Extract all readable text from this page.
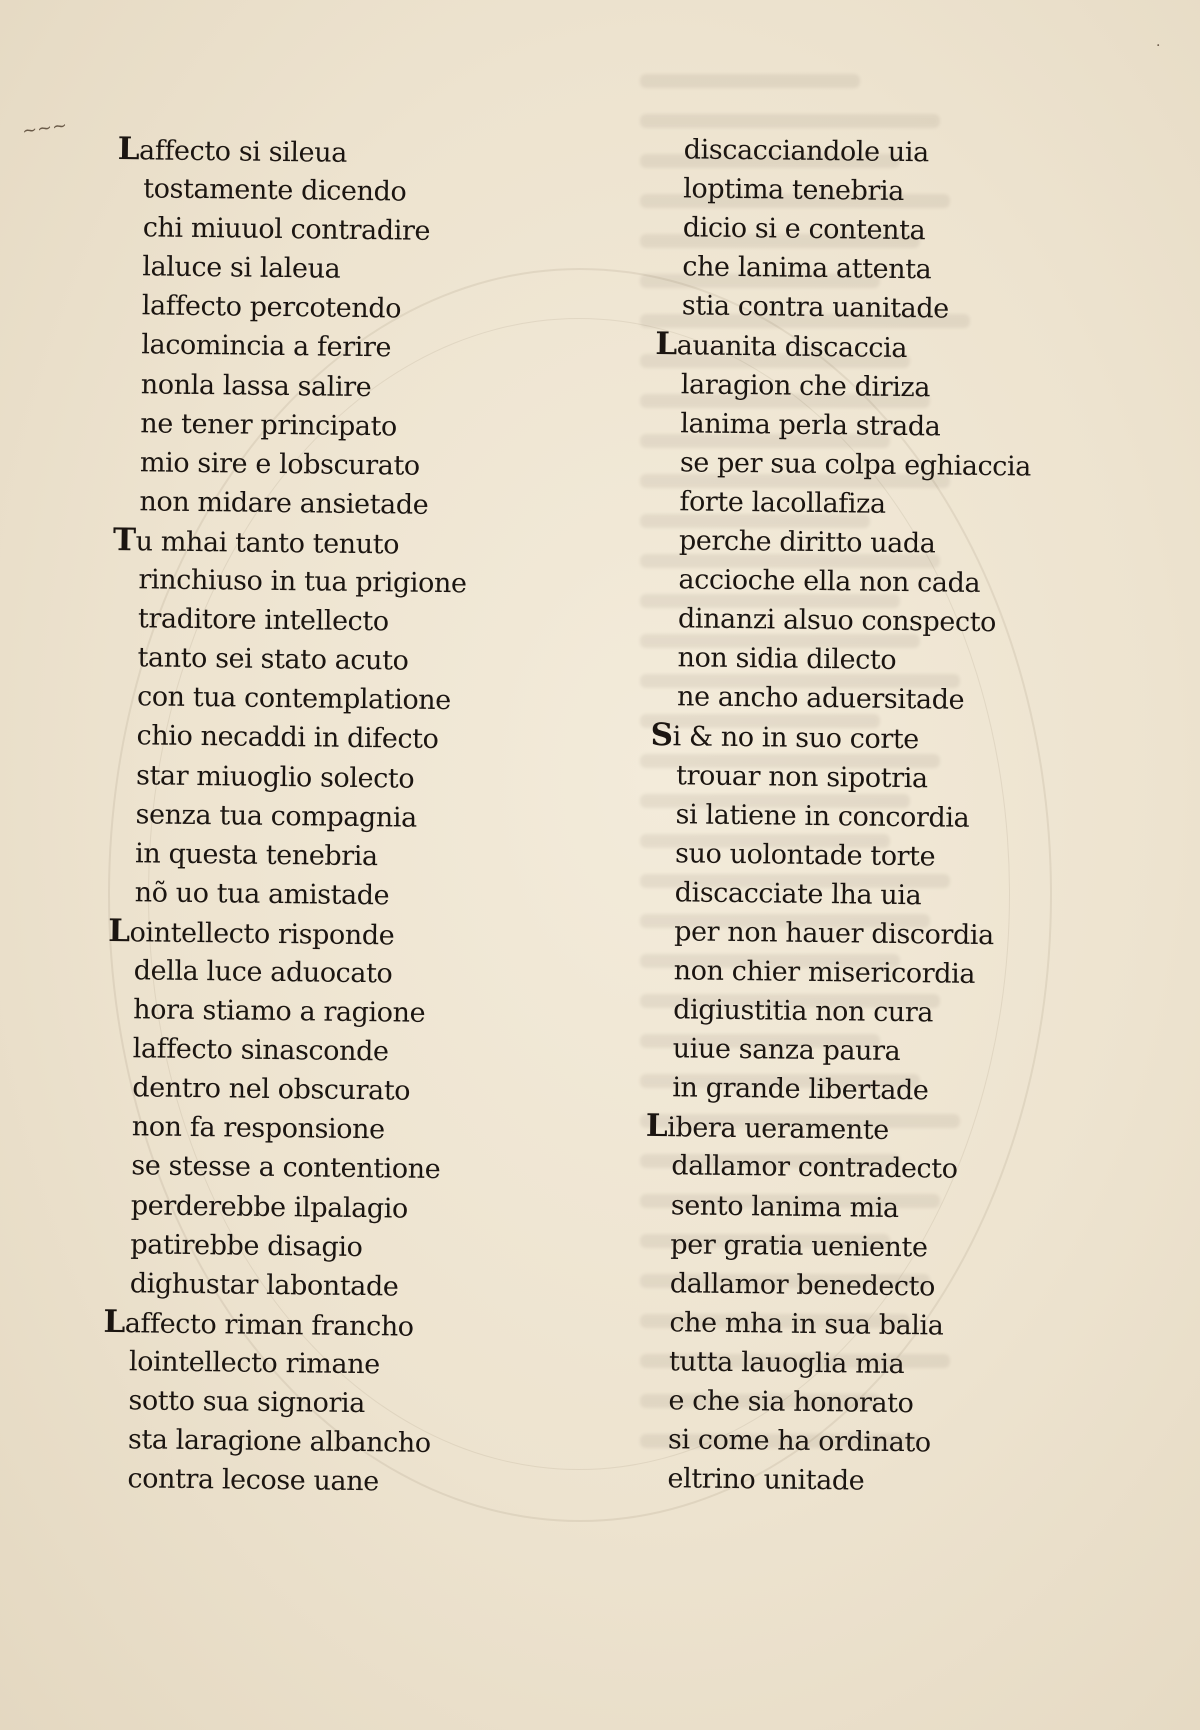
~~~
·
Laffecto si sileua
tostamente dicendo
chi miuuol contradire
laluce si laleua
laffecto percotendo
lacomincia a ferire
nonla lassa salire
ne tener principato
mio sire e lobscurato
non midare ansietade
Tu mhai tanto tenuto
rinchiuso in tua prigione
traditore intellecto
tanto sei stato acuto
con tua contemplatione
chio necaddi in difecto
star miuoglio solecto
senza tua compagnia
in questa tenebria
nõ uo tua amistade
Lointellecto risponde
della luce aduocato
hora stiamo a ragione
laffecto sinasconde
dentro nel obscurato
non fa responsione
se stesse a contentione
perderebbe ilpalagio
patirebbe disagio
dighustar labontade
Laffecto riman francho
lointellecto rimane
sotto sua signoria
sta laragione albancho
contra lecose uane
discacciandole uia
loptima tenebria
dicio si e contenta
che lanima attenta
stia contra uanitade
Lauanita discaccia
laragion che diriza
lanima perla strada
se per sua colpa eghiaccia
forte lacollafiza
perche diritto uada
acciochе ella non cada
dinanzi alsuo conspecto
non sidia dilecto
ne ancho aduersitade
Si & no in suo corte
trouar non sipotria
si latiene in concordia
suo uolontade torte
discacciate lha uia
per non hauer discordia
non chier misericordia
digiustitia non cura
uiue sanza paura
in grande libertade
Libera ueramente
dallamor contradecto
sento lanima mia
per gratia ueniente
dallamor benedecto
che mha in sua balia
tutta lauoglia mia
e che sia honorato
si come ha ordinato
eltrino unitade
